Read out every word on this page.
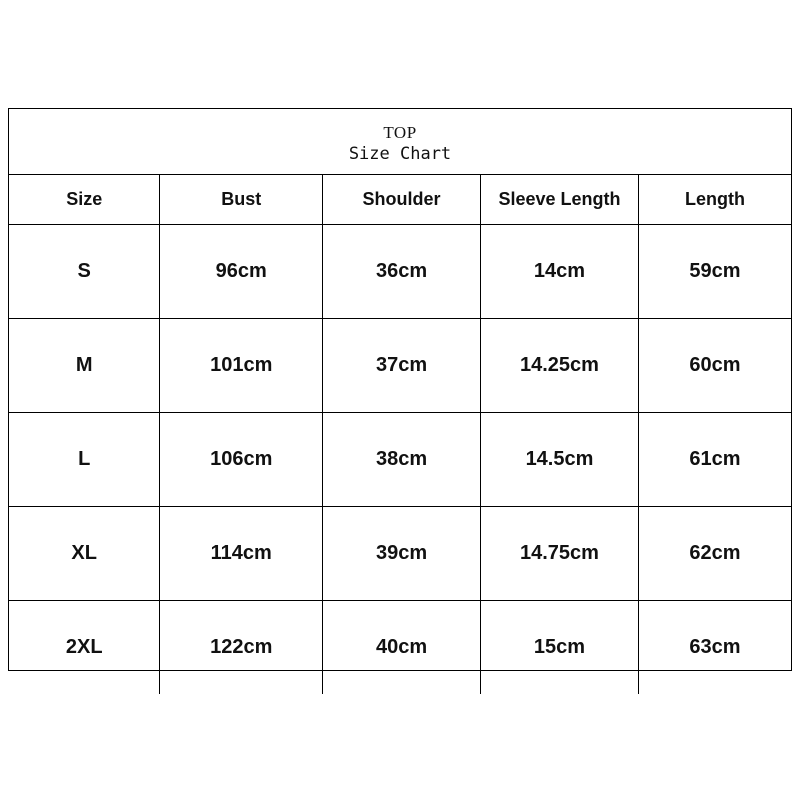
TOP
Size Chart
Size	Bust	Shoulder	Sleeve Length	Length
S	96cm	36cm	14cm	59cm
M	101cm	37cm	14.25cm	60cm
L	106cm	38cm	14.5cm	61cm
XL	114cm	39cm	14.75cm	62cm
2XL	122cm	40cm	15cm	63cm
